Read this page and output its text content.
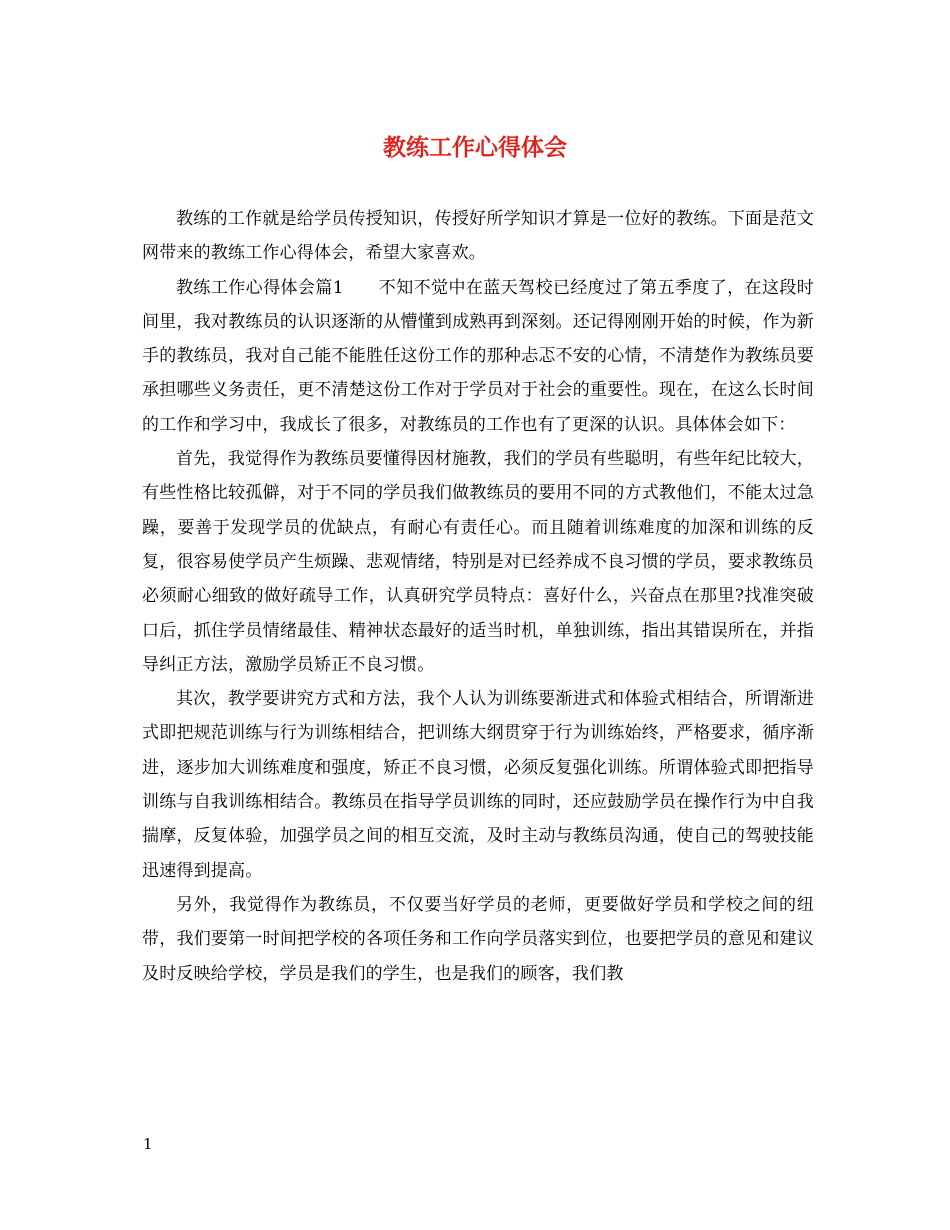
教练工作心得体会

教练的工作就是给学员传授知识，传授好所学知识才算是一位好的教练。下面是范文网带来的教练工作心得体会，希望大家喜欢。

教练工作心得体会篇1　　不知不觉中在蓝天驾校已经度过了第五季度了，在这段时间里，我对教练员的认识逐渐的从懵懂到成熟再到深刻。还记得刚刚开始的时候，作为新手的教练员，我对自己能不能胜任这份工作的那种忐忑不安的心情，不清楚作为教练员要承担哪些义务责任，更不清楚这份工作对于学员对于社会的重要性。现在，在这么长时间的工作和学习中，我成长了很多，对教练员的工作也有了更深的认识。具体体会如下：

首先，我觉得作为教练员要懂得因材施教，我们的学员有些聪明，有些年纪比较大，有些性格比较孤僻，对于不同的学员我们做教练员的要用不同的方式教他们，不能太过急躁，要善于发现学员的优缺点，有耐心有责任心。而且随着训练难度的加深和训练的反复，很容易使学员产生烦躁、悲观情绪，特别是对已经养成不良习惯的学员，要求教练员必须耐心细致的做好疏导工作，认真研究学员特点：喜好什么，兴奋点在那里?找准突破口后，抓住学员情绪最佳、精神状态最好的适当时机，单独训练，指出其错误所在，并指导纠正方法，激励学员矫正不良习惯。

其次，教学要讲究方式和方法，我个人认为训练要渐进式和体验式相结合，所谓渐进式即把规范训练与行为训练相结合，把训练大纲贯穿于行为训练始终，严格要求，循序渐进，逐步加大训练难度和强度，矫正不良习惯，必须反复强化训练。所谓体验式即把指导训练与自我训练相结合。教练员在指导学员训练的同时，还应鼓励学员在操作行为中自我揣摩，反复体验，加强学员之间的相互交流，及时主动与教练员沟通，使自己的驾驶技能迅速得到提高。

另外，我觉得作为教练员，不仅要当好学员的老师，更要做好学员和学校之间的纽带，我们要第一时间把学校的各项任务和工作向学员落实到位，也要把学员的意见和建议及时反映给学校，学员是我们的学生，也是我们的顾客，我们教

1
